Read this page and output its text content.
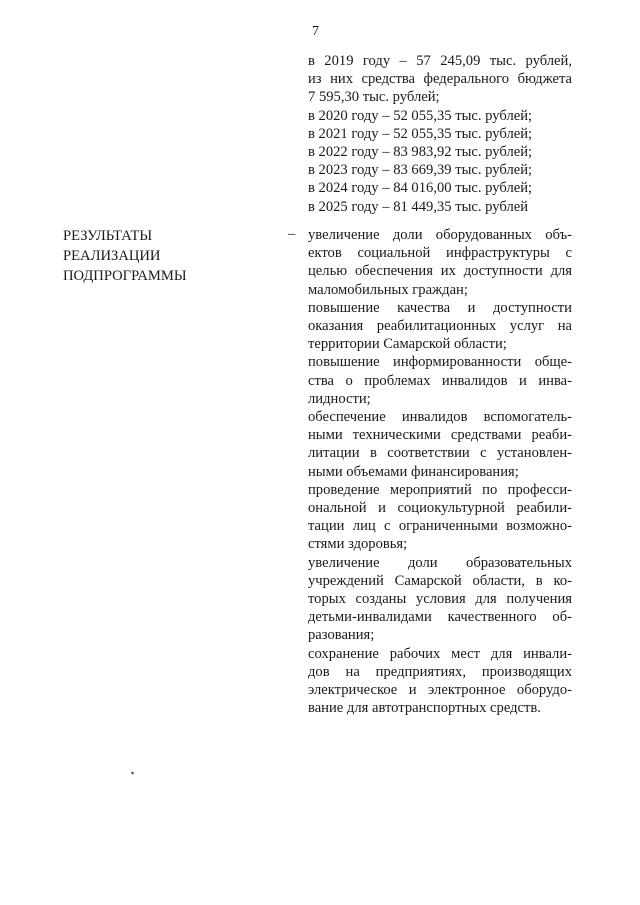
7
в 2019 году – 57 245,09 тыс. рублей,
из них средства федерального бюджета
7 595,30 тыс. рублей;
в 2020 году – 52 055,35 тыс. рублей;
в 2021 году – 52 055,35 тыс. рублей;
в 2022 году – 83 983,92 тыс. рублей;
в 2023 году – 83 669,39 тыс. рублей;
в 2024 году – 84 016,00 тыс. рублей;
в 2025 году – 81 449,35 тыс. рублей
РЕЗУЛЬТАТЫ
РЕАЛИЗАЦИИ
ПОДПРОГРАММЫ
– увеличение доли оборудованных объ-
ектов социальной инфраструктуры с
целью обеспечения их доступности для
маломобильных граждан;
повышение качества и доступности
оказания реабилитационных услуг на
территории Самарской области;
повышение информированности обще-
ства о проблемах инвалидов и инва-
лидности;
обеспечение инвалидов вспомогатель-
ными техническими средствами реаби-
литации в соответствии с установлен-
ными объемами финансирования;
проведение мероприятий по професси-
ональной и социокультурной реабили-
тации лиц с ограниченными возможно-
стями здоровья;
увеличение доли образовательных
учреждений Самарской области, в ко-
торых созданы условия для получения
детьми-инвалидами качественного об-
разования;
сохранение рабочих мест для инвали-
дов на предприятиях, производящих
электрическое и электронное оборудо-
вание для автотранспортных средств.
